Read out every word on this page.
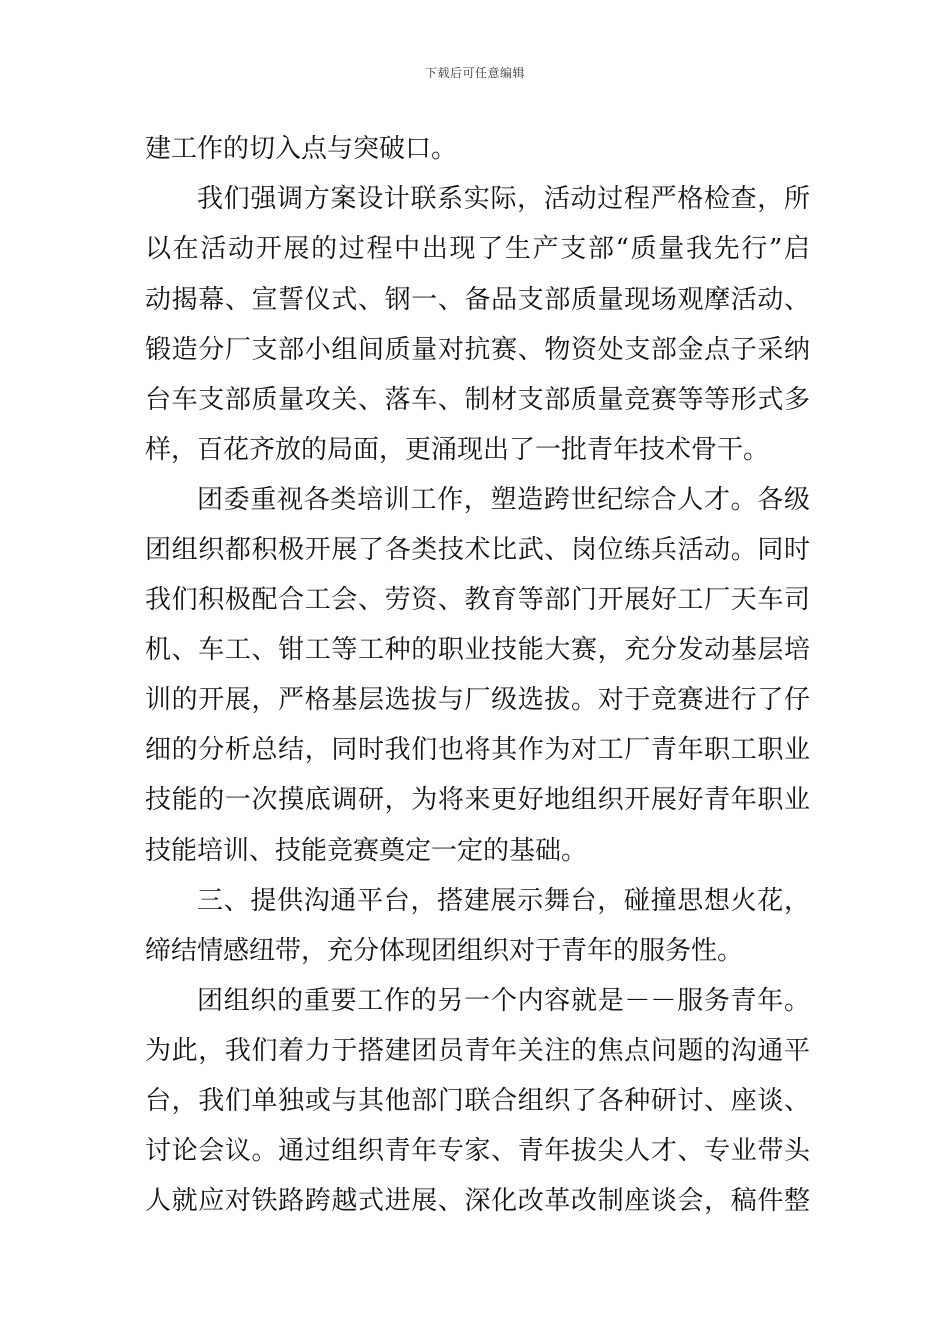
下载后可任意编辑
建工作的切入点与突破口。
我们强调方案设计联系实际，活动过程严格检查，所
以在活动开展的过程中出现了生产支部“质量我先行”启
动揭幕、宣誓仪式、钢一、备品支部质量现场观摩活动、
锻造分厂支部小组间质量对抗赛、物资处支部金点子采纳
台车支部质量攻关、落车、制材支部质量竞赛等等形式多
样，百花齐放的局面，更涌现出了一批青年技术骨干。
团委重视各类培训工作，塑造跨世纪综合人才。各级
团组织都积极开展了各类技术比武、岗位练兵活动。同时
我们积极配合工会、劳资、教育等部门开展好工厂天车司
机、车工、钳工等工种的职业技能大赛，充分发动基层培
训的开展，严格基层选拔与厂级选拔。对于竞赛进行了仔
细的分析总结，同时我们也将其作为对工厂青年职工职业
技能的一次摸底调研，为将来更好地组织开展好青年职业
技能培训、技能竞赛奠定一定的基础。
三、提供沟通平台，搭建展示舞台，碰撞思想火花，
缔结情感纽带，充分体现团组织对于青年的服务性。
团组织的重要工作的另一个内容就是－－服务青年。
为此，我们着力于搭建团员青年关注的焦点问题的沟通平
台，我们单独或与其他部门联合组织了各种研讨、座谈、
讨论会议。通过组织青年专家、青年拔尖人才、专业带头
人就应对铁路跨越式进展、深化改革改制座谈会，稿件整
